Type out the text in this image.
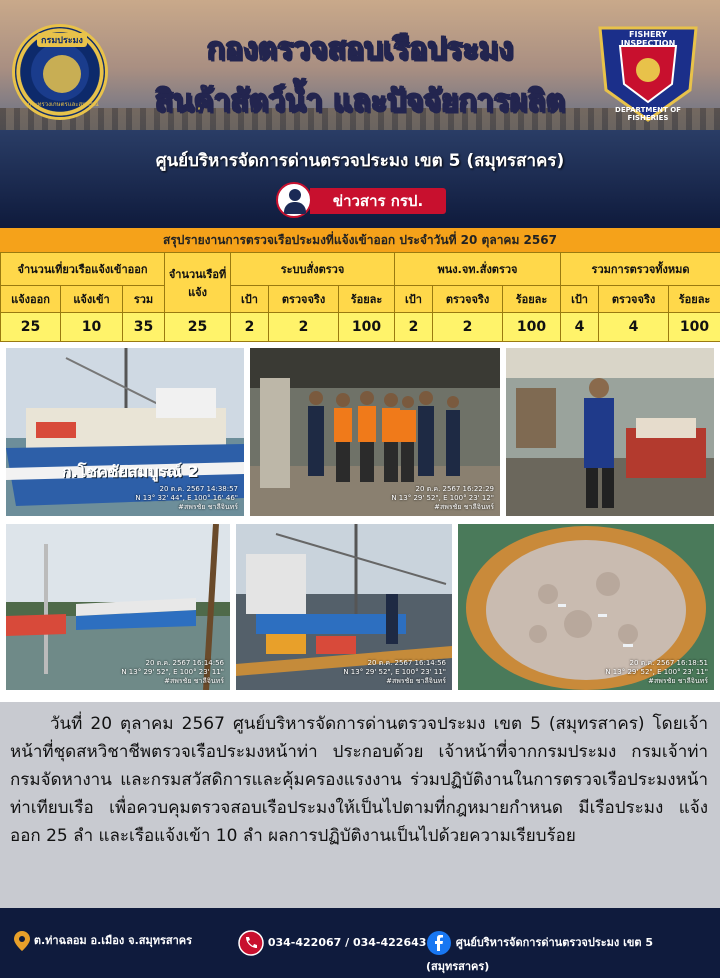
กรมประมง
กระทรวงเกษตรและสหกรณ์
FISHERY INSPECTION
DEPARTMENT OF FISHERIES
กองตรวจสอบเรือประมง
สินค้าสัตว์น้ำ และปัจจัยการผลิต
ศูนย์บริหารจัดการด่านตรวจประมง เขต 5 (สมุทรสาคร)
ข่าวสาร กรป.
สรุปรายงานการตรวจเรือประมงที่แจ้งเข้าออก ประจำวันที่ 20 ตุลาคม 2567
จำนวนเที่ยวเรือแจ้งเข้าออก			จำนวนเรือที่แจ้ง	ระบบสั่งตรวจ			พนง.จท.สั่งตรวจ			รวมการตรวจทั้งหมด		
แจ้งออก	แจ้งเข้า	รวม		เป้า	ตรวจจริง	ร้อยละ	เป้า	ตรวจจริง	ร้อยละ	เป้า	ตรวจจริง	ร้อยละ
25	10	35	25	2	2	100	2	2	100	4	4	100
ก.โชคชัยสมบูรณ์ 2
20 ต.ค. 2567 14:38:57
N 13° 32' 44", E 100° 16' 46"
#สพรชัย ชาลีจินทร์
20 ต.ค. 2567 16:22:29
N 13° 29' 52", E 100° 23' 12"
#สพรชัย ชาลีจินทร์
20 ต.ค. 2567 16:14:56
N 13° 29' 52", E 100° 23' 11"
#สพรชัย ชาลีจินทร์
20 ต.ค. 2567 16:14:56
N 13° 29' 52", E 100° 23' 11"
#สพรชัย ชาลีจินทร์
20 ต.ค. 2567 16:18:51
N 13° 29' 52", E 100° 23' 11"
#สพรชัย ชาลีจินทร์

วันที่ 20 ตุลาคม 2567 ศูนย์บริหารจัดการด่านตรวจประมง เขต 5 (สมุทรสาคร) โดยเจ้าหน้าที่ชุดสหวิชาชีพตรวจเรือประมงหน้าท่า ประกอบด้วย เจ้าหน้าที่จากกรมประมง กรมเจ้าท่า กรมจัดหางาน และกรมสวัสดิการและคุ้มครองแรงงาน ร่วมปฏิบัติงานในการตรวจเรือประมงหน้าท่าเทียบเรือ เพื่อควบคุมตรวจสอบเรือประมงให้เป็นไปตามที่กฎหมายกำหนด มีเรือประมง แจ้งออก 25 ลำ และเรือแจ้งเข้า 10 ลำ ผลการปฏิบัติงานเป็นไปด้วยความเรียบร้อย

ต.ท่าฉลอม อ.เมือง จ.สมุทรสาคร	034-422067 / 034-422643	ศูนย์บริหารจัดการด่านตรวจประมง เขต 5 (สมุทรสาคร)
